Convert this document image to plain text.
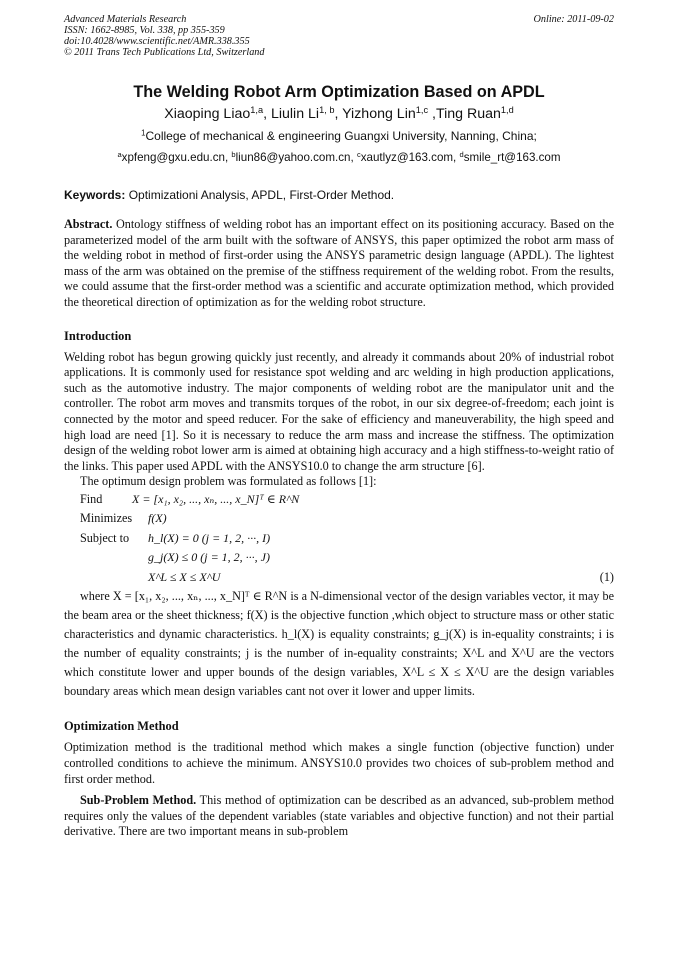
Advanced Materials Research
ISSN: 1662-8985, Vol. 338, pp 355-359
doi:10.4028/www.scientific.net/AMR.338.355
© 2011 Trans Tech Publications Ltd, Switzerland
Online: 2011-09-02
The Welding Robot Arm Optimization Based on APDL
Xiaoping Liao$^{1,a}$, Liulin Li$^{1, b}$, Yizhong Lin$^{1,c}$ ,Ting Ruan$^{1,d}$
$^1$College of mechanical & engineering Guangxi University, Nanning, China;
$^a$xpfeng@gxu.edu.cn, $^b$liun86@yahoo.com.cn, $^c$xautlyz@163.com, $^d$smile_rt@163.com
Keywords: Optimizationi Analysis, APDL, First-Order Method.

Abstract. Ontology stiffness of welding robot has an important effect on its positioning accuracy. Based on the parameterized model of the arm built with the software of ANSYS, this paper optimized the robot arm mass of the welding robot in method of first-order using the ANSYS parametric design language (APDL). The lightest mass of the arm was obtained on the premise of the stiffness requirement of the welding robot. From the results, we could assume that the first-order method was a scientific and accurate optimization method, which provided the theoretical direction of optimization as for the welding robot structure.

Introduction

Welding robot has begun growing quickly just recently, and already it commands about 20% of industrial robot applications. It is commonly used for resistance spot welding and arc welding in high production applications, such as the automotive industry. The major components of welding robot are the manipulator unit and the controller. The robot arm moves and transmits torques of the robot, in our six degree-of-freedom; each joint is connected by the motor and speed reducer. For the sake of efficiency and maneuverability, the high speed and high load are need [1]. So it is necessary to reduce the arm mass and increase the stiffness. The optimization design of the welding robot lower arm is aimed at obtaining high accuracy and a high stiffness-to-weight ratio of the links. This paper used APDL with the ANSYS10.0 to change the arm structure [6].

The optimum design problem was formulated as follows [1]:

Find	X = [x₁, x₂, ..., xₙ, ..., x_N]ᵀ ∈ R^N
Minimizes	f(X)
Subject to	h_l(X) = 0 (j = 1, 2, ···, I)
g_j(X) ≤ 0 (j = 1, 2, ···, J)
X^L ≤ X ≤ X^U	(1)

where X = [x₁, x₂, ..., xₙ, ..., x_N]ᵀ ∈ R^N is a N-dimensional vector of the design variables vector, it may be the beam area or the sheet thickness; f(X) is the objective function ,which object to structure mass or other static characteristics and dynamic characteristics. h_l(X) is equality constraints; g_j(X) is in-equality constraints; i is the number of equality constraints; j is the number of in-equality constraints; X^L and X^U are the vectors which constitute lower and upper bounds of the design variables, X^L ≤ X ≤ X^U are the design variables boundary areas which mean design variables cant not over it lower and upper limits.

Optimization Method

Optimization method is the traditional method which makes a single function (objective function) under controlled conditions to achieve the minimum. ANSYS10.0 provides two choices of sub-problem method and first order method.

Sub-Problem Method. This method of optimization can be described as an advanced, sub-problem method requires only the values of the dependent variables (state variables and objective function) and not their partial derivative. There are two important means in sub-problem
